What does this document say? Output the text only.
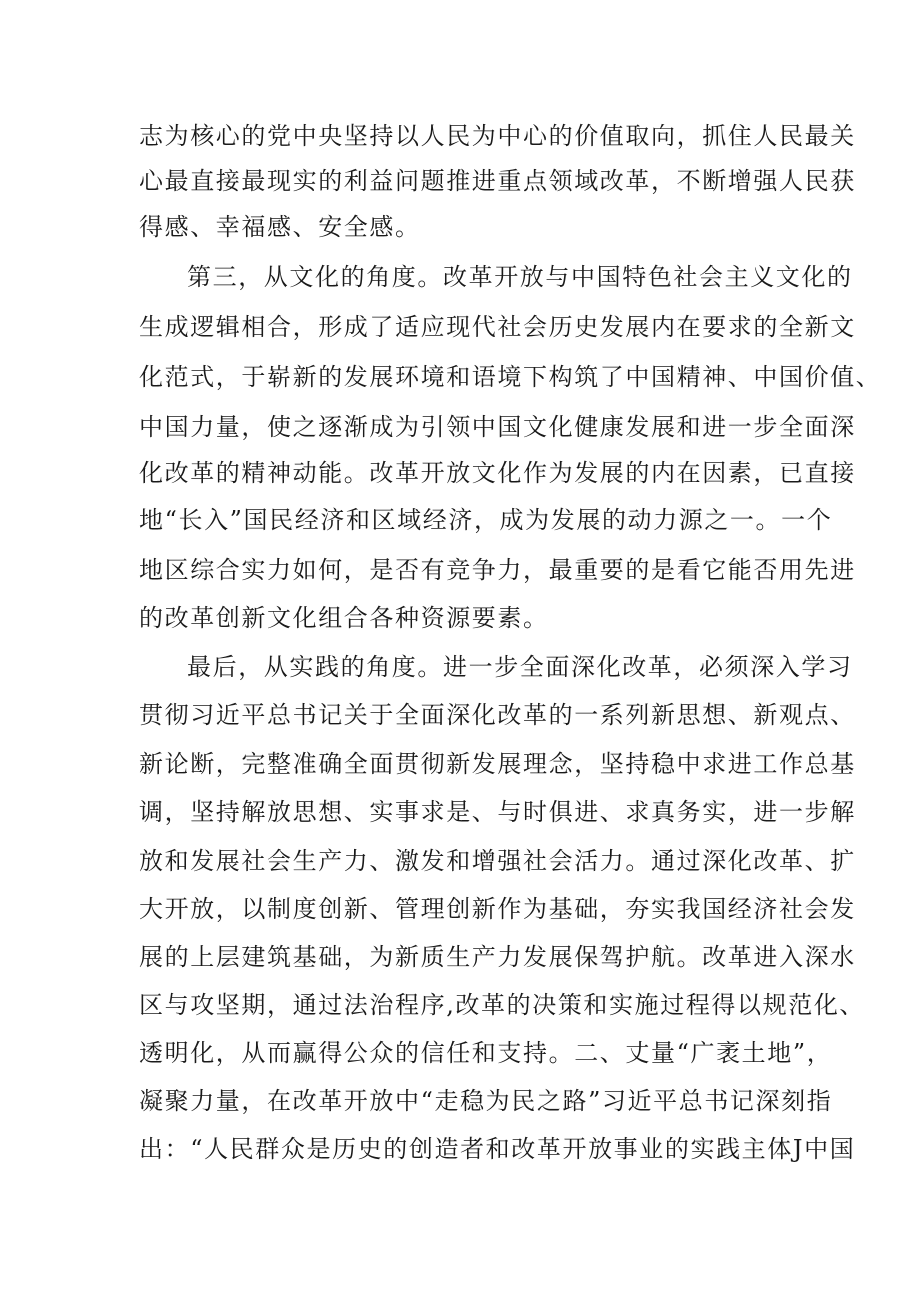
志为核心的党中央坚持以人民为中心的价值取向，抓住人民最关

心最直接最现实的利益问题推进重点领域改革，不断增强人民获

得感、幸福感、安全感。

第三，从文化的角度。改革开放与中国特色社会主义文化的

生成逻辑相合，形成了适应现代社会历史发展内在要求的全新文

化范式，于崭新的发展环境和语境下构筑了中国精神、中国价值、

中国力量，使之逐渐成为引领中国文化健康发展和进一步全面深

化改革的精神动能。改革开放文化作为发展的内在因素，已直接

地“长入”国民经济和区域经济，成为发展的动力源之一。一个

地区综合实力如何，是否有竞争力，最重要的是看它能否用先进

的改革创新文化组合各种资源要素。

最后，从实践的角度。进一步全面深化改革，必须深入学习

贯彻习近平总书记关于全面深化改革的一系列新思想、新观点、

新论断，完整准确全面贯彻新发展理念，坚持稳中求进工作总基

调，坚持解放思想、实事求是、与时俱进、求真务实，进一步解

放和发展社会生产力、激发和增强社会活力。通过深化改革、扩

大开放，以制度创新、管理创新作为基础，夯实我国经济社会发

展的上层建筑基础，为新质生产力发展保驾护航。改革进入深水

区与攻坚期，通过法治程序,改革的决策和实施过程得以规范化、

透明化，从而赢得公众的信任和支持。二、丈量“广袤土地”，

凝聚力量，在改革开放中“走稳为民之路”习近平总书记深刻指

出：“人民群众是历史的创造者和改革开放事业的实践主体J中国
